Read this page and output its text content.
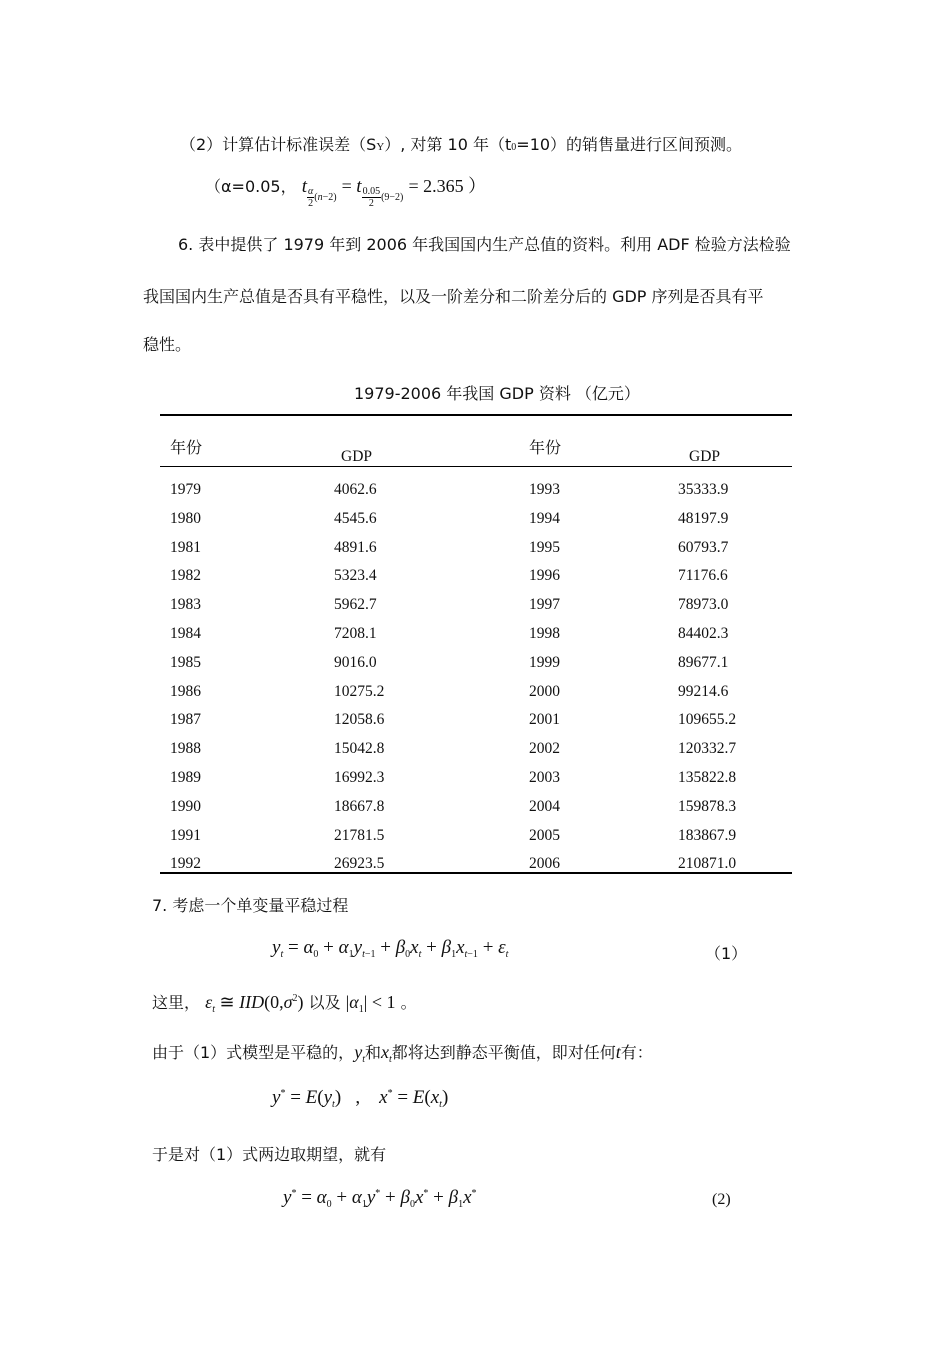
（2）计算估计标准误差（SY）, 对第 10 年（t0=10）的销售量进行区间预测。
（α=0.05， t $\frac{\alpha}{2} _{(n-2)} = t \frac{0.05}{2} _{(9-2)} = 2.365$ ）
6. 表中提供了 1979 年到 2006 年我国国内生产总值的资料。利用 ADF 检验方法检验
我国国内生产总值是否具有平稳性，以及一阶差分和二阶差分后的 GDP 序列是否具有平
稳性。
1979-2006 年我国 GDP 资料 （亿元）
年份	GDP	年份	GDP
1979	4062.6	1993	35333.9
1980	4545.6	1994	48197.9
1981	4891.6	1995	60793.7
1982	5323.4	1996	71176.6
1983	5962.7	1997	78973.0
1984	7208.1	1998	84402.3
1985	9016.0	1999	89677.1
1986	10275.2	2000	99214.6
1987	12058.6	2001	109655.2
1988	15042.8	2002	120332.7
1989	16992.3	2003	135822.8
1990	18667.8	2004	159878.3
1991	21781.5	2005	183867.9
1992	26923.5	2006	210871.0
7. 考虑一个单变量平稳过程
$y_t = \alpha_0 + \alpha_1y_{t-1} + \beta_0x_t + \beta_1x_{t-1} + \varepsilon_t$	（1）
这里， $\varepsilon_t$ ≅ $IID(0,\sigma^2)$ 以及 $|\alpha_1| < 1$ 。
由于（1）式模型是平稳的，$y_t$和$x_t$都将达到静态平衡值，即对任何t有：
$y^* = E(y_t)$   ,    $x^* = E(x_t)$
于是对（1）式两边取期望，就有
$y^* = \alpha_0 + \alpha_1y^* + \beta_0x^* + \beta_1x^*$	(2)
